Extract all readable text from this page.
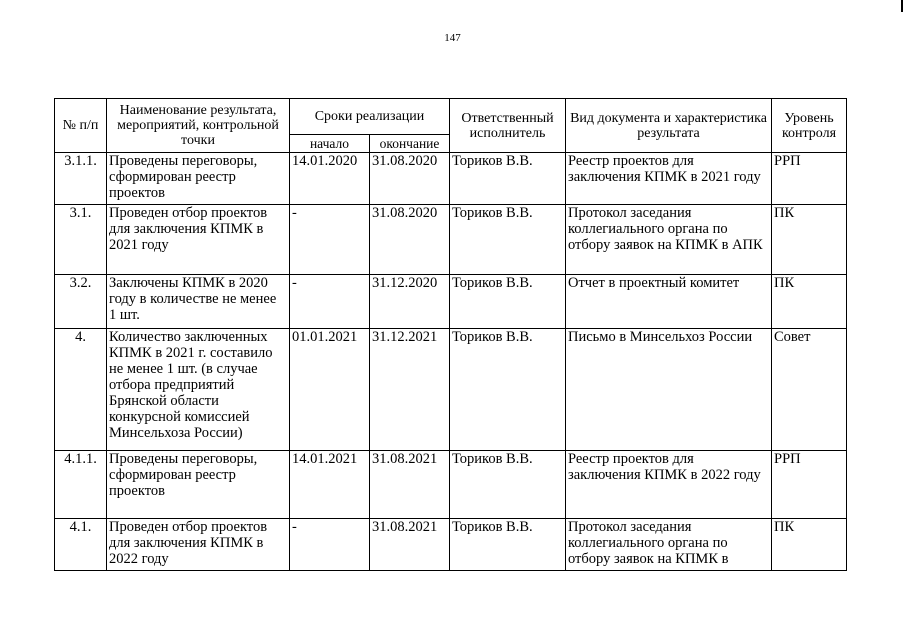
147
№ п/п	Наименование результата, мероприятий, контрольной точки	Сроки реализации		Ответственный исполнитель	Вид документа и характеристика результата	Уровень контроля
		начало	окончание			
3.1.1.	Проведены переговоры, сформирован реестр проектов	14.01.2020	31.08.2020	Ториков В.В.	Реестр проектов для заключения КПМК в 2021 году	РРП
3.1.	Проведен отбор проектов для заключения КПМК в 2021 году	-	31.08.2020	Ториков В.В.	Протокол заседания коллегиального органа по отбору заявок на КПМК в АПК	ПК
3.2.	Заключены КПМК в 2020 году в количестве не менее 1 шт.	-	31.12.2020	Ториков В.В.	Отчет в проектный комитет	ПК
4.	Количество заключенных КПМК в 2021 г. составило не менее 1 шт. (в случае отбора предприятий Брянской области конкурсной комиссией Минсельхоза России)	01.01.2021	31.12.2021	Ториков В.В.	Письмо в Минсельхоз России	Совет
4.1.1.	Проведены переговоры, сформирован реестр проектов	14.01.2021	31.08.2021	Ториков В.В.	Реестр проектов для заключения КПМК в 2022 году	РРП
4.1.	Проведен отбор проектов для заключения КПМК в 2022 году	-	31.08.2021	Ториков В.В.	Протокол заседания коллегиального органа по отбору заявок на КПМК в	ПК
